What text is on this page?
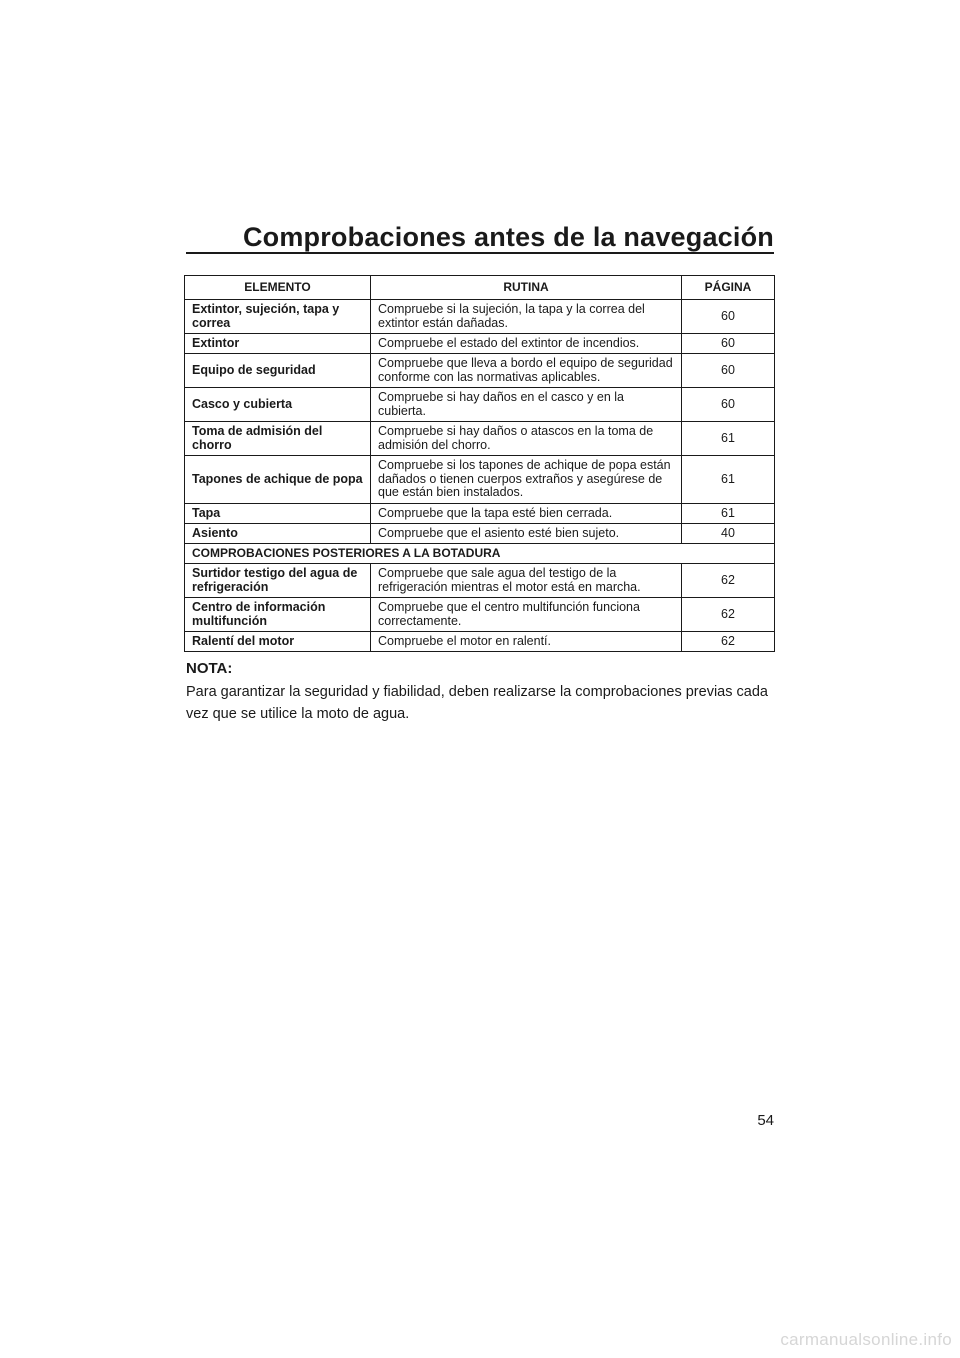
Comprobaciones antes de la navegación
ELEMENTO	RUTINA	PÁGINA
Extintor, sujeción, tapa y correa	Compruebe si la sujeción, la tapa y la correa del extintor están dañadas.	60
Extintor	Compruebe el estado del extintor de incendios.	60
Equipo de seguridad	Compruebe que lleva a bordo el equipo de seguridad conforme con las normativas aplicables.	60
Casco y cubierta	Compruebe si hay daños en el casco y en la cubierta.	60
Toma de admisión del chorro	Compruebe si hay daños o atascos en la toma de admisión del chorro.	61
Tapones de achique de popa	Compruebe si los tapones de achique de popa están dañados o tienen cuerpos extraños y asegúrese de que están bien instalados.	61
Tapa	Compruebe que la tapa esté bien cerrada.	61
Asiento	Compruebe que el asiento esté bien sujeto.	40
COMPROBACIONES POSTERIORES A LA BOTADURA		
Surtidor testigo del agua de refrigeración	Compruebe que sale agua del testigo de la refrigeración mientras el motor está en marcha.	62
Centro de información multifunción	Compruebe que el centro multifunción funciona correctamente.	62
Ralentí del motor	Compruebe el motor en ralentí.	62
NOTA:
Para garantizar la seguridad y fiabilidad, deben realizarse la comprobaciones previas cada vez que se utilice la moto de agua.
54
carmanualsonline.info
